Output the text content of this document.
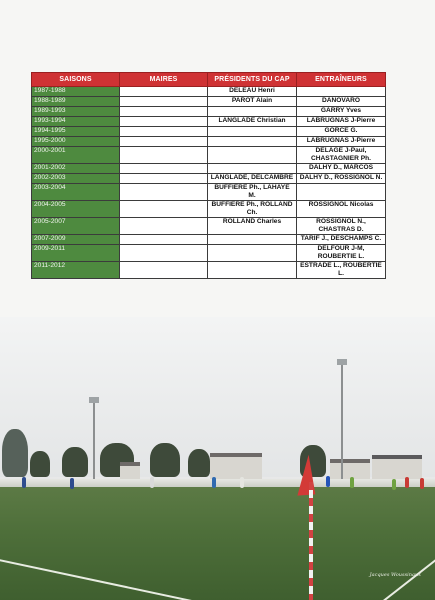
SAISONS	MAIRES	PRÉSIDENTS DU CAP	ENTRAÎNEURS
1987-1988		DELEAU Henri	
1988-1989		PAROT Alain	DANOVARO
1989-1993			GARRY Yves
1993-1994		LANGLADE Christian	LABRUGNAS J-Pierre
1994-1995			GORCE G.
1995-2000			LABRUGNAS J-Pierre
2000-2001			DELAGE J-Paul, CHASTAGNIER Ph.
2001-2002			DALHY D., MARCOS
2002-2003		LANGLADE, DELCAMBRE	DALHY D., ROSSIGNOL N.
2003-2004		BUFFIERE Ph., LAHAYE M.	
2004-2005		BUFFIERE Ph., ROLLAND Ch.	ROSSIGNOL Nicolas
2005-2007		ROLLAND Charles	ROSSIGNOL N., CHASTRAS D.
2007-2009			TARIF J., DESCHAMPS C.
2009-2011			DELFOUR J-M, ROUBERTIE L.
2011-2012			ESTRADE L., ROUBERTIE L.
Jacques Woussinaux
